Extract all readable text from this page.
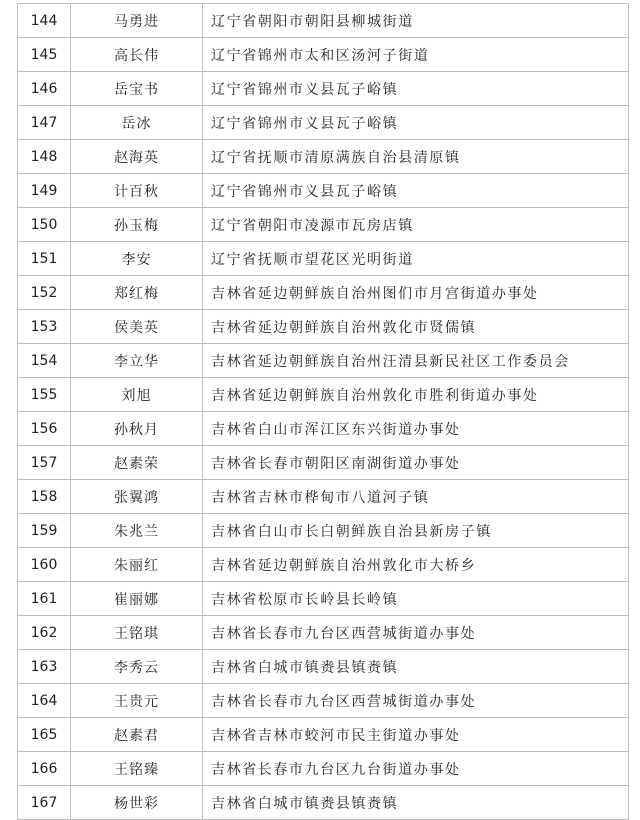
144	马勇进	辽宁省朝阳市朝阳县柳城街道
145	高长伟	辽宁省锦州市太和区汤河子街道
146	岳宝书	辽宁省锦州市义县瓦子峪镇
147	岳冰	辽宁省锦州市义县瓦子峪镇
148	赵海英	辽宁省抚顺市清原满族自治县清原镇
149	计百秋	辽宁省锦州市义县瓦子峪镇
150	孙玉梅	辽宁省朝阳市凌源市瓦房店镇
151	李安	辽宁省抚顺市望花区光明街道
152	郑红梅	吉林省延边朝鲜族自治州图们市月宫街道办事处
153	侯美英	吉林省延边朝鲜族自治州敦化市贤儒镇
154	李立华	吉林省延边朝鲜族自治州汪清县新民社区工作委员会
155	刘旭	吉林省延边朝鲜族自治州敦化市胜利街道办事处
156	孙秋月	吉林省白山市浑江区东兴街道办事处
157	赵素荣	吉林省长春市朝阳区南湖街道办事处
158	张翼鸿	吉林省吉林市桦甸市八道河子镇
159	朱兆兰	吉林省白山市长白朝鲜族自治县新房子镇
160	朱丽红	吉林省延边朝鲜族自治州敦化市大桥乡
161	崔丽娜	吉林省松原市长岭县长岭镇
162	王铭琪	吉林省长春市九台区西营城街道办事处
163	李秀云	吉林省白城市镇赉县镇赉镇
164	王贵元	吉林省长春市九台区西营城街道办事处
165	赵素君	吉林省吉林市蛟河市民主街道办事处
166	王铭臻	吉林省长春市九台区九台街道办事处
167	杨世彩	吉林省白城市镇赉县镇赉镇
